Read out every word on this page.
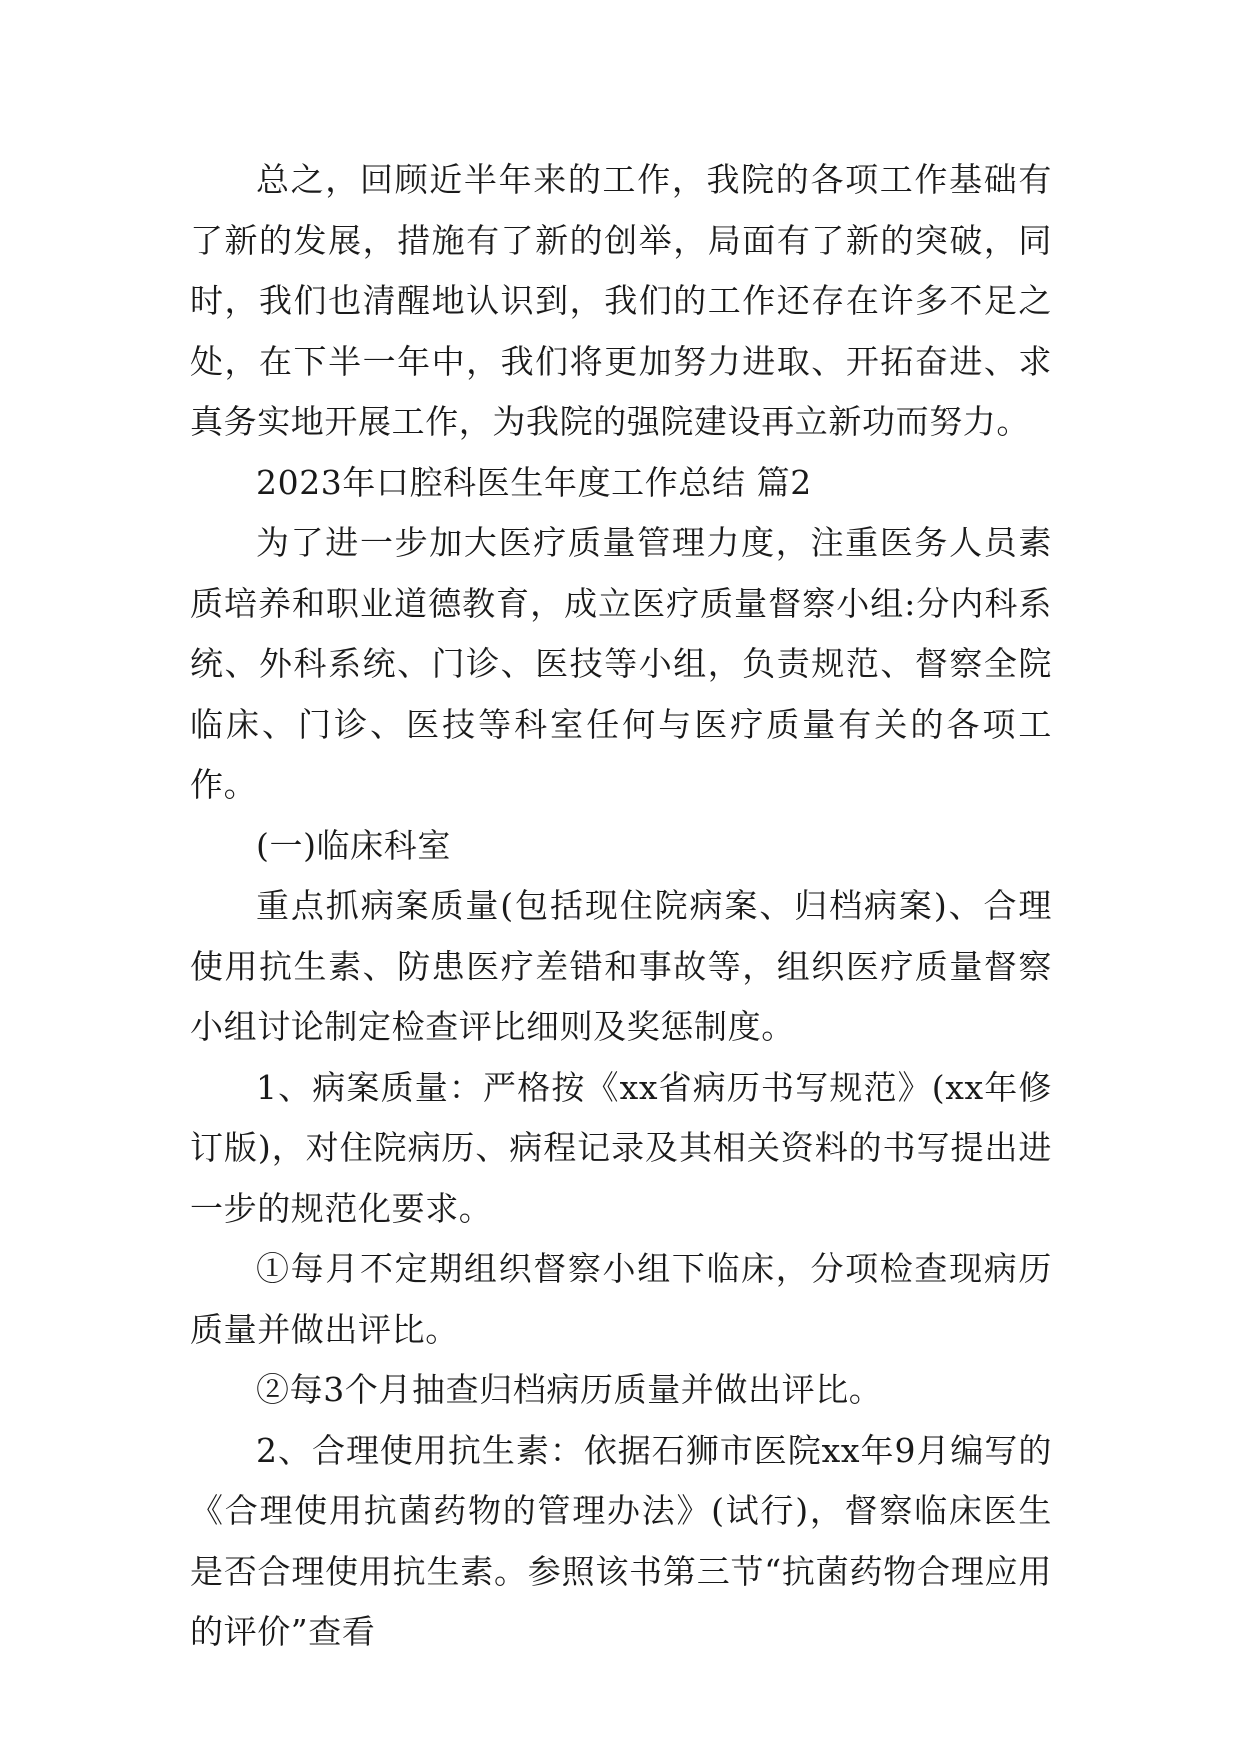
总之，回顾近半年来的工作，我院的各项工作基础有了新的发展，措施有了新的创举，局面有了新的突破，同时，我们也清醒地认识到，我们的工作还存在许多不足之处，在下半一年中，我们将更加努力进取、开拓奋进、求真务实地开展工作，为我院的强院建设再立新功而努力。

2023年口腔科医生年度工作总结 篇2

为了进一步加大医疗质量管理力度，注重医务人员素质培养和职业道德教育，成立医疗质量督察小组:分内科系统、外科系统、门诊、医技等小组，负责规范、督察全院临床、门诊、医技等科室任何与医疗质量有关的各项工作。

(一)临床科室

重点抓病案质量(包括现住院病案、归档病案)、合理使用抗生素、防患医疗差错和事故等，组织医疗质量督察小组讨论制定检查评比细则及奖惩制度。

1、病案质量：严格按《xx省病历书写规范》(xx年修订版)，对住院病历、病程记录及其相关资料的书写提出进一步的规范化要求。

①每月不定期组织督察小组下临床，分项检查现病历质量并做出评比。

②每3个月抽查归档病历质量并做出评比。

2、合理使用抗生素：依据石狮市医院xx年9月编写的《合理使用抗菌药物的管理办法》(试行)，督察临床医生是否合理使用抗生素。参照该书第三节“抗菌药物合理应用的评价”查看
